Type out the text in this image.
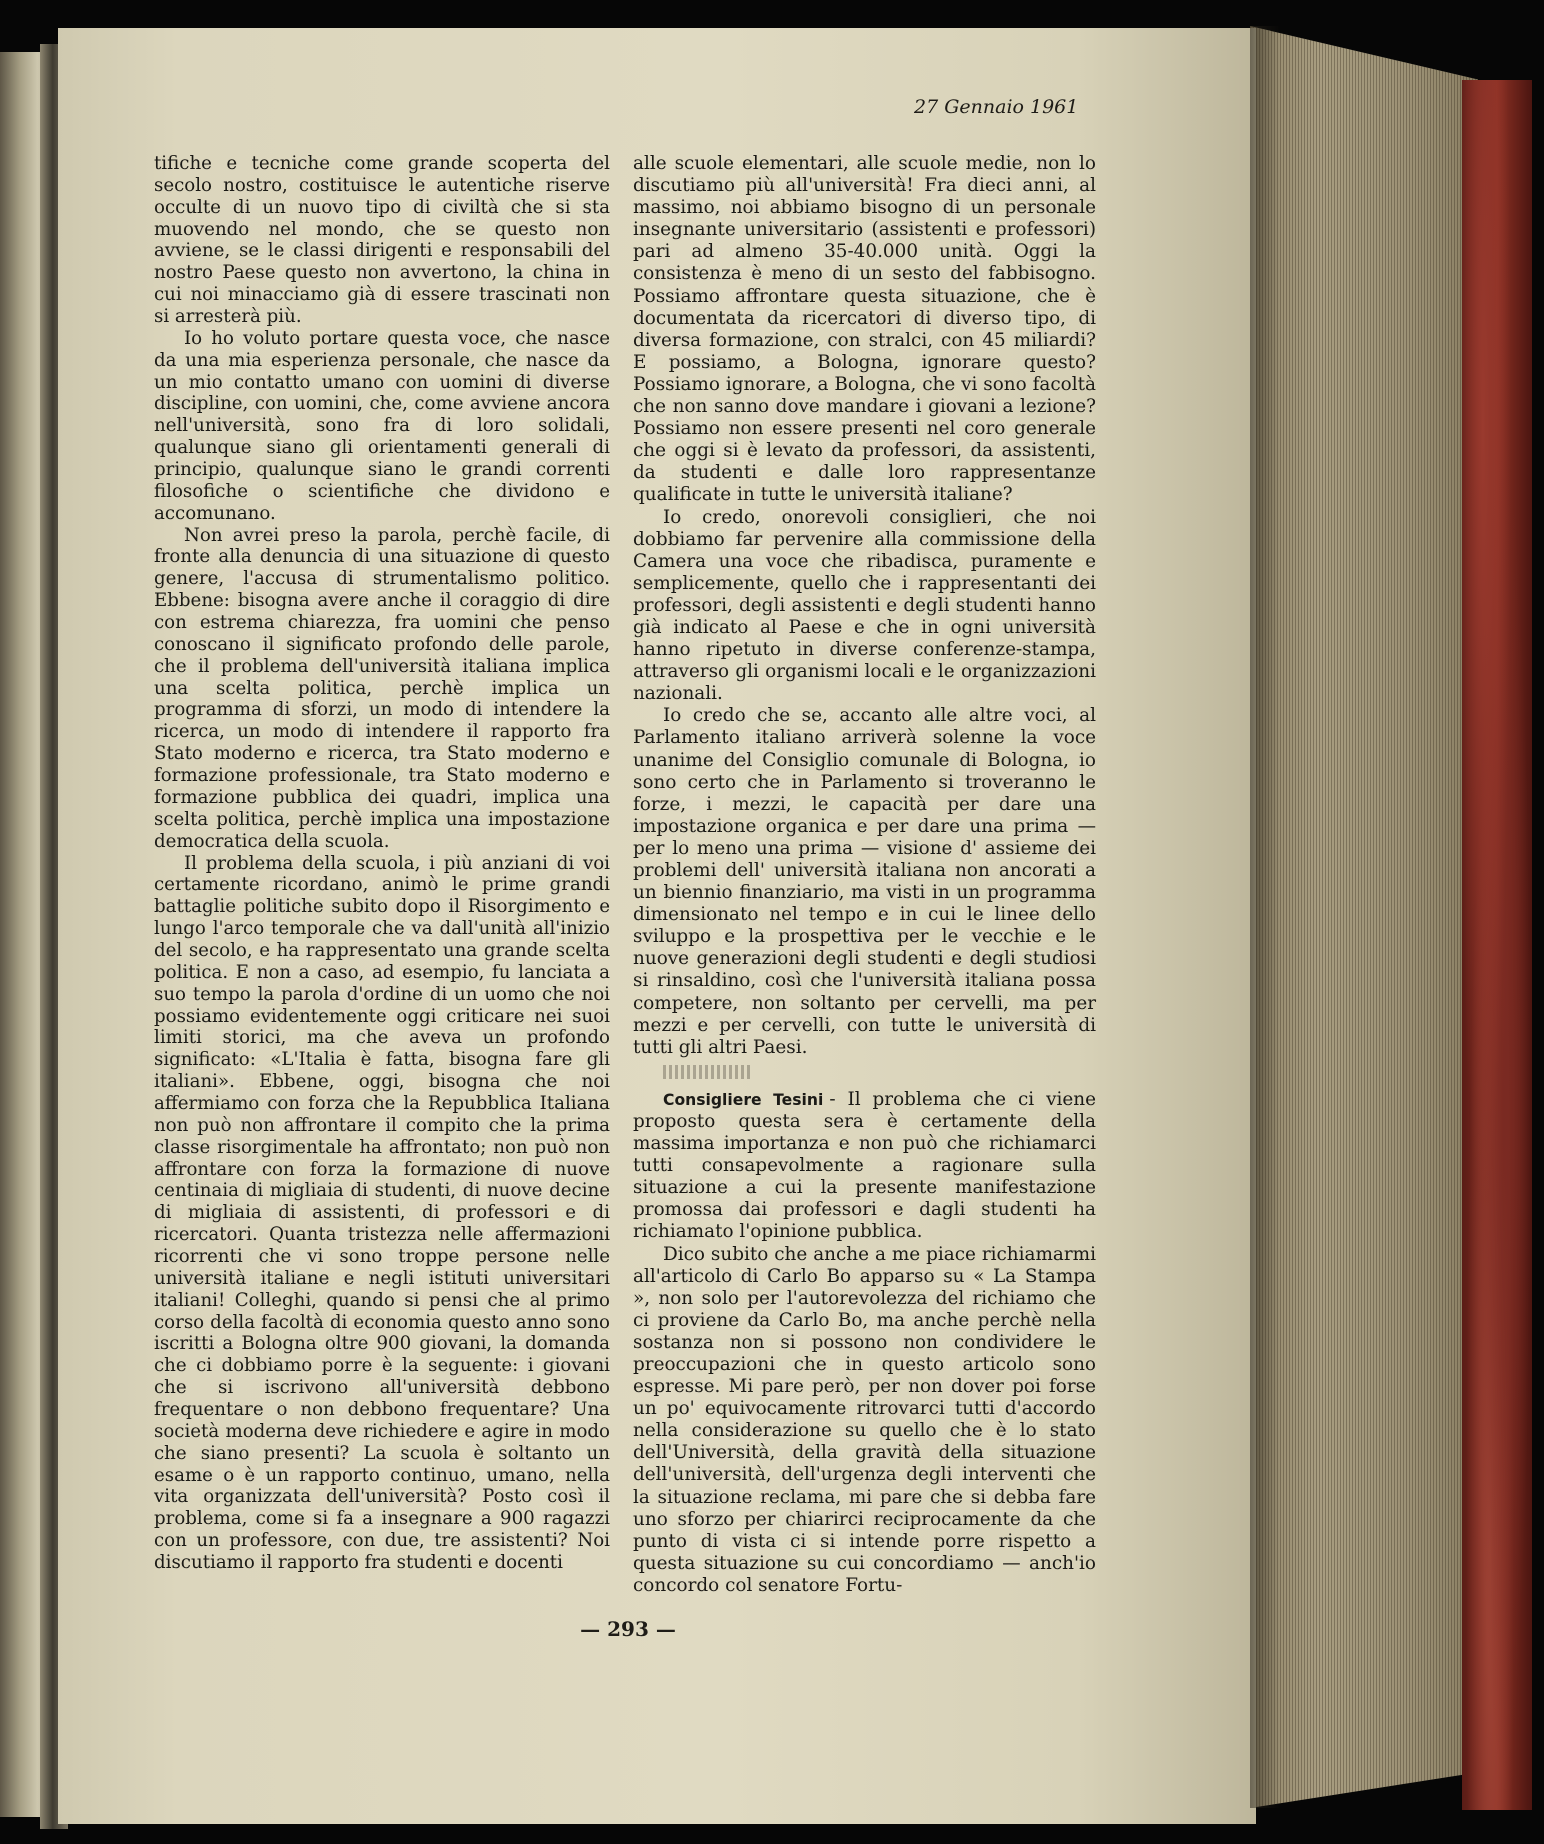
27 Gennaio 1961

tifiche e tecniche come grande scoperta del secolo nostro, costituisce le autentiche riserve occulte di un nuovo tipo di civiltà che si sta muovendo nel mondo, che se questo non avviene, se le classi dirigenti e responsabili del nostro Paese questo non avvertono, la china in cui noi minacciamo già di essere trascinati non si arresterà più.

Io ho voluto portare questa voce, che nasce da una mia esperienza personale, che nasce da un mio contatto umano con uomini di diverse discipline, con uomini, che, come avviene ancora nell'università, sono fra di loro solidali, qualunque siano gli orientamenti generali di principio, qualunque siano le grandi correnti filosofiche o scientifiche che dividono e accomunano.

Non avrei preso la parola, perchè facile, di fronte alla denuncia di una situazione di questo genere, l'accusa di strumentalismo politico. Ebbene: bisogna avere anche il coraggio di dire con estrema chiarezza, fra uomini che penso conoscano il significato profondo delle parole, che il problema dell'università italiana implica una scelta politica, perchè implica un programma di sforzi, un modo di intendere la ricerca, un modo di intendere il rapporto fra Stato moderno e ricerca, tra Stato moderno e formazione professionale, tra Stato moderno e formazione pubblica dei quadri, implica una scelta politica, perchè implica una impostazione democratica della scuola.

Il problema della scuola, i più anziani di voi certamente ricordano, animò le prime grandi battaglie politiche subito dopo il Risorgimento e lungo l'arco temporale che va dall'unità all'inizio del secolo, e ha rappresentato una grande scelta politica. E non a caso, ad esempio, fu lanciata a suo tempo la parola d'ordine di un uomo che noi possiamo evidentemente oggi criticare nei suoi limiti storici, ma che aveva un profondo significato: «L'Italia è fatta, bisogna fare gli italiani». Ebbene, oggi, bisogna che noi affermiamo con forza che la Repubblica Italiana non può non affrontare il compito che la prima classe risorgimentale ha affrontato; non può non affrontare con forza la formazione di nuove centinaia di migliaia di studenti, di nuove decine di migliaia di assistenti, di professori e di ricercatori. Quanta tristezza nelle affermazioni ricorrenti che vi sono troppe persone nelle università italiane e negli istituti universitari italiani! Colleghi, quando si pensi che al primo corso della facoltà di economia questo anno sono iscritti a Bologna oltre 900 giovani, la domanda che ci dobbiamo porre è la seguente: i giovani che si iscrivono all'università debbono frequentare o non debbono frequentare? Una società moderna deve richiedere e agire in modo che siano presenti? La scuola è soltanto un esame o è un rapporto continuo, umano, nella vita organizzata dell'università? Posto così il problema, come si fa a insegnare a 900 ragazzi con un professore, con due, tre assistenti? Noi discutiamo il rapporto fra studenti e docenti

alle scuole elementari, alle scuole medie, non lo discutiamo più all'università! Fra dieci anni, al massimo, noi abbiamo bisogno di un personale insegnante universitario (assistenti e professori) pari ad almeno 35-40.000 unità. Oggi la consistenza è meno di un sesto del fabbisogno. Possiamo affrontare questa situazione, che è documentata da ricercatori di diverso tipo, di diversa formazione, con stralci, con 45 miliardi? E possiamo, a Bologna, ignorare questo? Possiamo ignorare, a Bologna, che vi sono facoltà che non sanno dove mandare i giovani a lezione? Possiamo non essere presenti nel coro generale che oggi si è levato da professori, da assistenti, da studenti e dalle loro rappresentanze qualificate in tutte le università italiane?

Io credo, onorevoli consiglieri, che noi dobbiamo far pervenire alla commissione della Camera una voce che ribadisca, puramente e semplicemente, quello che i rappresentanti dei professori, degli assistenti e degli studenti hanno già indicato al Paese e che in ogni università hanno ripetuto in diverse conferenze-stampa, attraverso gli organismi locali e le organizzazioni nazionali.

Io credo che se, accanto alle altre voci, al Parlamento italiano arriverà solenne la voce unanime del Consiglio comunale di Bologna, io sono certo che in Parlamento si troveranno le forze, i mezzi, le capacità per dare una impostazione organica e per dare una prima — per lo meno una prima — visione d' assieme dei problemi dell' università italiana non ancorati a un biennio finanziario, ma visti in un programma dimensionato nel tempo e in cui le linee dello sviluppo e la prospettiva per le vecchie e le nuove generazioni degli studenti e degli studiosi si rinsaldino, così che l'università italiana possa competere, non soltanto per cervelli, ma per mezzi e per cervelli, con tutte le università di tutti gli altri Paesi.

Consigliere Tesini - Il problema che ci viene proposto questa sera è certamente della massima importanza e non può che richiamarci tutti consapevolmente a ragionare sulla situazione a cui la presente manifestazione promossa dai professori e dagli studenti ha richiamato l'opinione pubblica.

Dico subito che anche a me piace richiamarmi all'articolo di Carlo Bo apparso su « La Stampa », non solo per l'autorevolezza del richiamo che ci proviene da Carlo Bo, ma anche perchè nella sostanza non si possono non condividere le preoccupazioni che in questo articolo sono espresse. Mi pare però, per non dover poi forse un po' equivocamente ritrovarci tutti d'accordo nella considerazione su quello che è lo stato dell'Università, della gravità della situazione dell'università, dell'urgenza degli interventi che la situazione reclama, mi pare che si debba fare uno sforzo per chiarirci reciprocamente da che punto di vista ci si intende porre rispetto a questa situazione su cui concordiamo — anch'io concordo col senatore Fortu-

— 293 —
